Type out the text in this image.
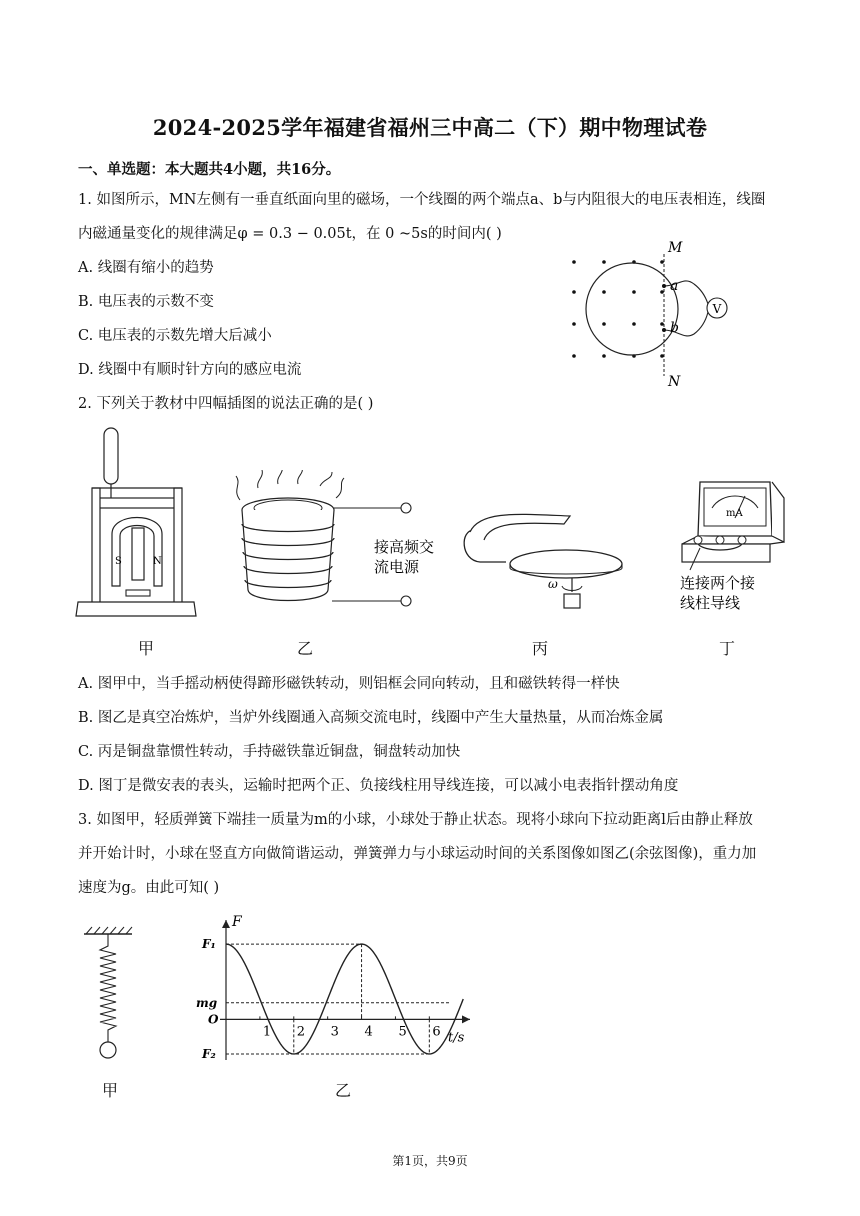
2024-2025学年福建省福州三中高二（下）期中物理试卷
一、单选题：本大题共4小题，共16分。
1. 如图所示，MN左侧有一垂直纸面向里的磁场，一个线圈的两个端点a、b与内阻很大的电压表相连，线圈
内磁通量变化的规律满足φ = 0.3 − 0.05t，在 0 ~5s的时间内( )
A. 线圈有缩小的趋势
B. 电压表的示数不变
C. 电压表的示数先增大后减小
D. 线圈中有顺时针方向的感应电流
V
M
N
a
b
2. 下列关于教材中四幅插图的说法正确的是( )
S	N
甲
接高频交
流电源
乙
ω
丙
mA
连接两个接
线柱导线
丁
A. 图甲中，当手摇动柄使得蹄形磁铁转动，则铝框会同向转动，且和磁铁转得一样快
B. 图乙是真空冶炼炉，当炉外线圈通入高频交流电时，线圈中产生大量热量，从而冶炼金属
C. 丙是铜盘靠惯性转动，手持磁铁靠近铜盘，铜盘转动加快
D. 图丁是微安表的表头，运输时把两个正、负接线柱用导线连接，可以减小电表指针摆动角度
3. 如图甲，轻质弹簧下端挂一质量为m的小球，小球处于静止状态。现将小球向下拉动距离l后由静止释放
并开始计时，小球在竖直方向做简谐运动，弹簧弹力与小球运动时间的关系图像如图乙(余弦图像)，重力加
速度为g。由此可知( )
甲
F
t/s
1 2 3 4 5 6
F₁
mg
O
F₂
乙
第1页，共9页
